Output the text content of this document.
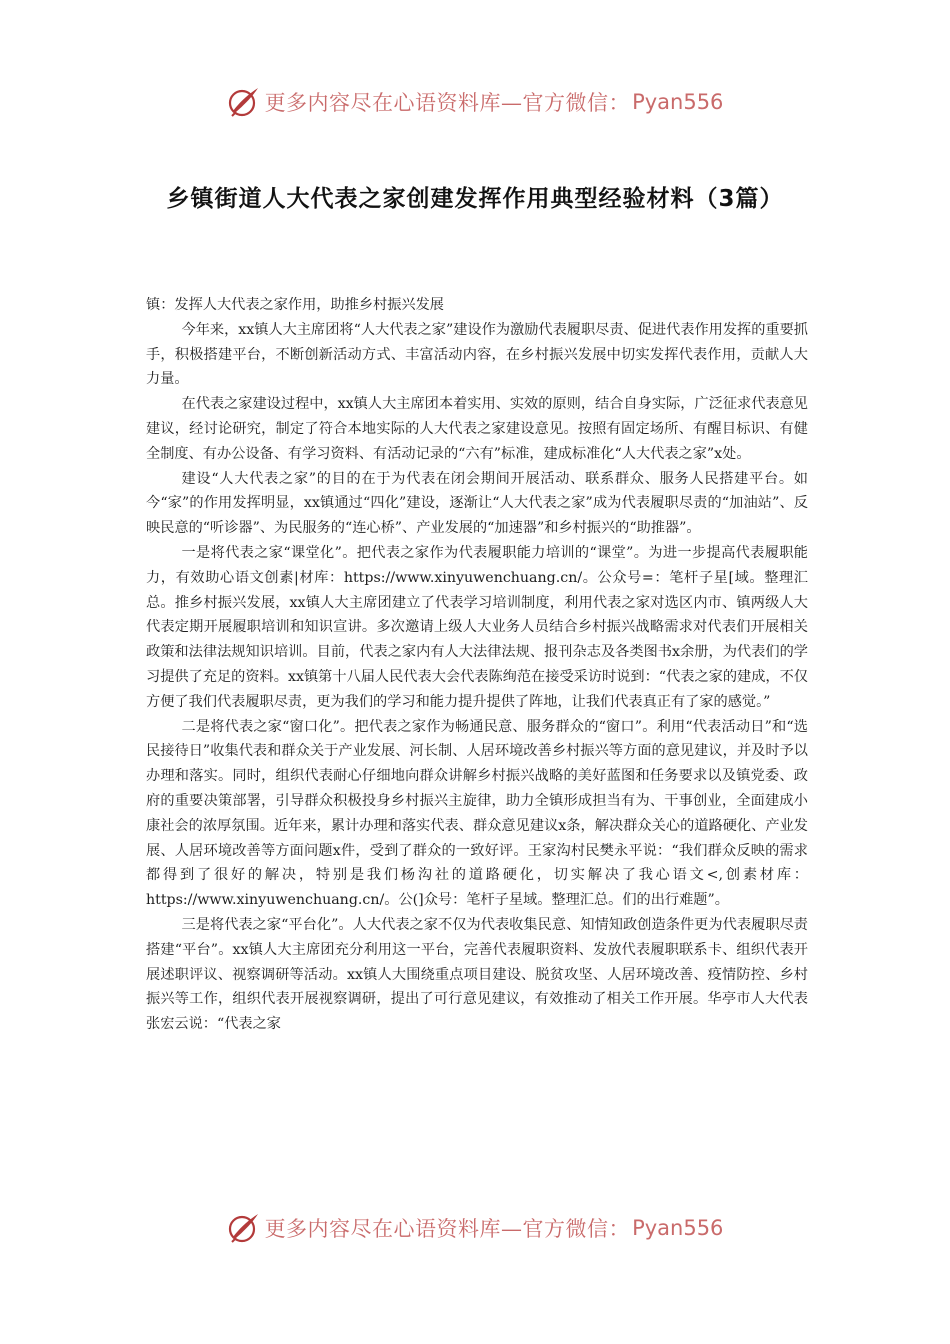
更多内容尽在心语资料库—官方微信： Pyan556
乡镇街道人大代表之家创建发挥作用典型经验材料（3篇）

镇：发挥人大代表之家作用，助推乡村振兴发展

今年来，xx镇人大主席团将“人大代表之家”建设作为激励代表履职尽责、促进代表作用发挥的重要抓手，积极搭建平台，不断创新活动方式、丰富活动内容，在乡村振兴发展中切实发挥代表作用，贡献人大力量。

在代表之家建设过程中，xx镇人大主席团本着实用、实效的原则，结合自身实际，广泛征求代表意见建议，经讨论研究，制定了符合本地实际的人大代表之家建设意见。按照有固定场所、有醒目标识、有健全制度、有办公设备、有学习资料、有活动记录的“六有”标准，建成标准化“人大代表之家”x处。

建设“人大代表之家”的目的在于为代表在闭会期间开展活动、联系群众、服务人民搭建平台。如今“家”的作用发挥明显，xx镇通过“四化”建设，逐渐让“人大代表之家”成为代表履职尽责的“加油站”、反映民意的“听诊器”、为民服务的“连心桥”、产业发展的“加速器”和乡村振兴的“助推器”。

一是将代表之家“课堂化”。把代表之家作为代表履职能力培训的“课堂”。为进一步提高代表履职能力，有效助心语文创素|材库：https://www.xinyuwenchuang.cn/。公众号=：笔杆子星[域。整理汇总。推乡村振兴发展，xx镇人大主席团建立了代表学习培训制度，利用代表之家对选区内市、镇两级人大代表定期开展履职培训和知识宣讲。多次邀请上级人大业务人员结合乡村振兴战略需求对代表们开展相关政策和法律法规知识培训。目前，代表之家内有人大法律法规、报刊杂志及各类图书x余册，为代表们的学习提供了充足的资料。xx镇第十八届人民代表大会代表陈绚范在接受采访时说到：“代表之家的建成，不仅方便了我们代表履职尽责，更为我们的学习和能力提升提供了阵地，让我们代表真正有了家的感觉。”

二是将代表之家“窗口化”。把代表之家作为畅通民意、服务群众的“窗口”。利用“代表活动日”和“选民接待日”收集代表和群众关于产业发展、河长制、人居环境改善乡村振兴等方面的意见建议，并及时予以办理和落实。同时，组织代表耐心仔细地向群众讲解乡村振兴战略的美好蓝图和任务要求以及镇党委、政府的重要决策部署，引导群众积极投身乡村振兴主旋律，助力全镇形成担当有为、干事创业，全面建成小康社会的浓厚氛围。近年来，累计办理和落实代表、群众意见建议x条，解决群众关心的道路硬化、产业发展、人居环境改善等方面问题x件，受到了群众的一致好评。王家沟村民樊永平说：“我们群众反映的需求都得到了很好的解决，特别是我们杨沟社的道路硬化，切实解决了我心语文<,创素材库：https://www.xinyuwenchuang.cn/。公(]众号：笔杆子星域。整理汇总。们的出行难题”。

三是将代表之家“平台化”。人大代表之家不仅为代表收集民意、知情知政创造条件更为代表履职尽责搭建“平台”。xx镇人大主席团充分利用这一平台，完善代表履职资料、发放代表履职联系卡、组织代表开展述职评议、视察调研等活动。xx镇人大围绕重点项目建设、脱贫攻坚、人居环境改善、疫情防控、乡村振兴等工作，组织代表开展视察调研，提出了可行意见建议，有效推动了相关工作开展。华亭市人大代表张宏云说：“代表之家

更多内容尽在心语资料库—官方微信： Pyan556
